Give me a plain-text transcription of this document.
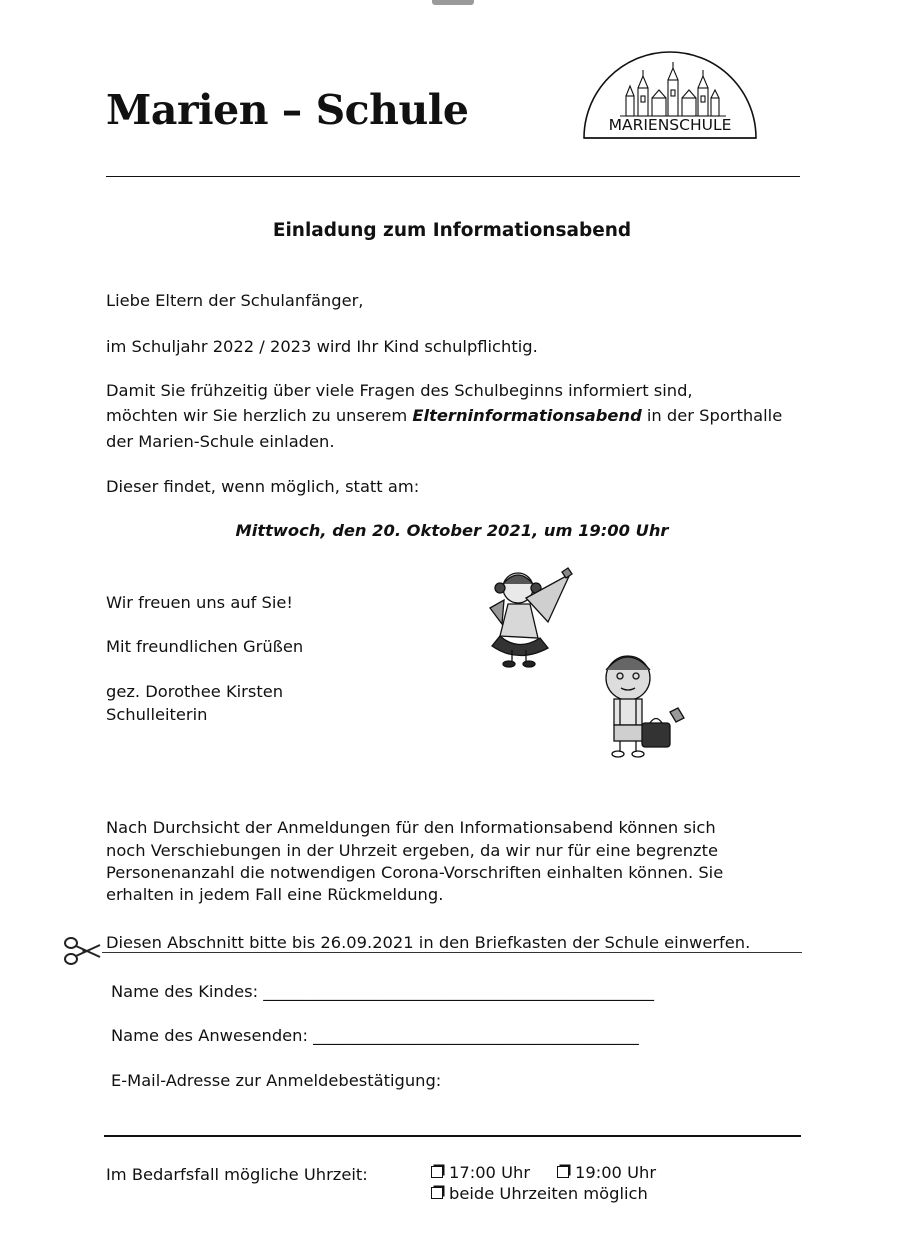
Marien – Schule	MARIENSCHULE
Einladung zum Informationsabend
Liebe Eltern der Schulanfänger,
im Schuljahr 2022 / 2023 wird Ihr Kind schulpflichtig.
Damit Sie frühzeitig über viele Fragen des Schulbeginns informiert sind,
möchten wir Sie herzlich zu unserem Elterninformationsabend in der Sporthalle
der Marien-Schule einladen.
Dieser findet, wenn möglich, statt am:
Mittwoch, den 20. Oktober 2021, um 19:00 Uhr
Wir freuen uns auf Sie!
Mit freundlichen Grüßen
gez. Dorothee Kirsten
Schulleiterin
Nach Durchsicht der Anmeldungen für den Informationsabend können sich
noch Verschiebungen in der Uhrzeit ergeben, da wir nur für eine begrenzte
Personenanzahl die notwendigen Corona-Vorschriften einhalten können. Sie
erhalten in jedem Fall eine Rückmeldung.
Diesen Abschnitt bitte bis 26.09.2021 in den Briefkasten der Schule einwerfen.
Name des Kindes: ________________________________________________
Name des Anwesenden: ________________________________________
E-Mail-Adresse zur Anmeldebestätigung:
Im Bedarfsfall mögliche Uhrzeit:	17:00 Uhr	19:00 Uhr
beide Uhrzeiten möglich
